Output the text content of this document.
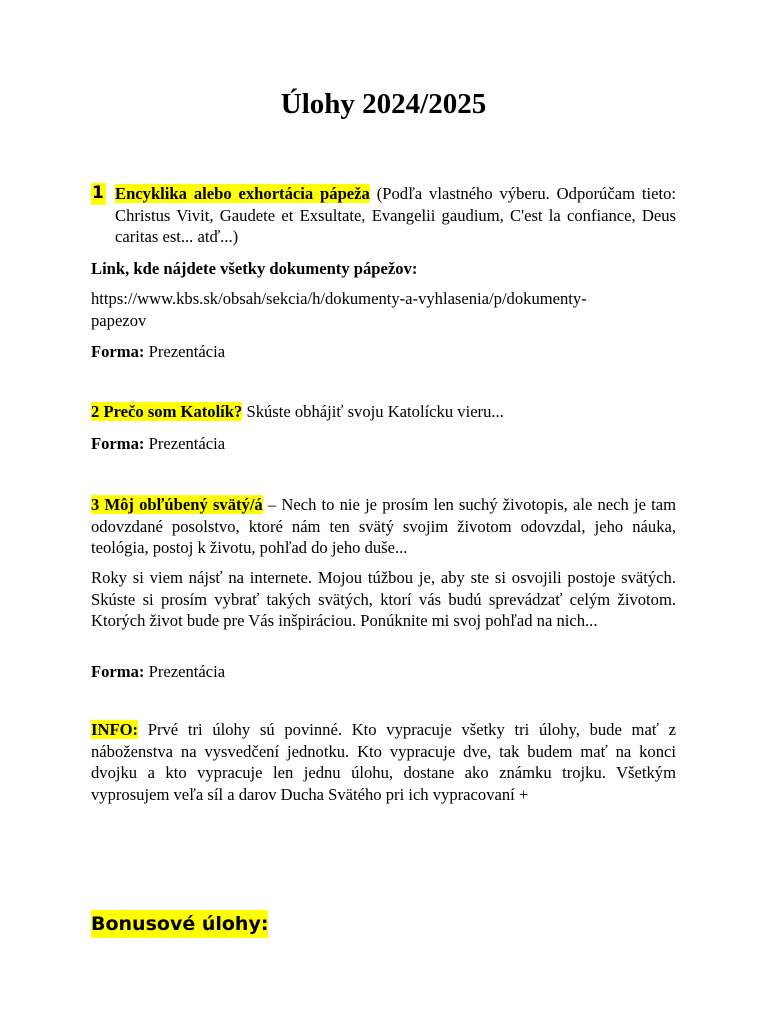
Úlohy 2024/2025
1 Encyklika alebo exhortácia pápeža (Podľa vlastného výberu. Odporúčam tieto: Christus Vivit, Gaudete et Exsultate, Evangelii gaudium, C'est la confiance, Deus caritas est... atď...)
Link, kde nájdete všetky dokumenty pápežov:
https://www.kbs.sk/obsah/sekcia/h/dokumenty-a-vyhlasenia/p/dokumenty-
papezov
Forma: Prezentácia
2 Prečo som Katolík? Skúste obhájiť svoju Katolícku vieru...
Forma: Prezentácia
3 Môj obľúbený svätý/á – Nech to nie je prosím len suchý životopis, ale nech je tam odovzdané posolstvo, ktoré nám ten svätý svojim životom odovzdal, jeho náuka, teológia, postoj k životu, pohľad do jeho duše...
Roky si viem nájsť na internete. Mojou túžbou je, aby ste si osvojili postoje svätých. Skúste si prosím vybrať takých svätých, ktorí vás budú sprevádzať celým životom. Ktorých život bude pre Vás inšpiráciou. Ponúknite mi svoj pohľad na nich...
Forma: Prezentácia
INFO: Prvé tri úlohy sú povinné. Kto vypracuje všetky tri úlohy, bude mať z náboženstva na vysvedčení jednotku. Kto vypracuje dve, tak budem mať na konci dvojku a kto vypracuje len jednu úlohu, dostane ako známku trojku. Všetkým vyprosujem veľa síl a darov Ducha Svätého pri ich vypracovaní +
Bonusové úlohy:
